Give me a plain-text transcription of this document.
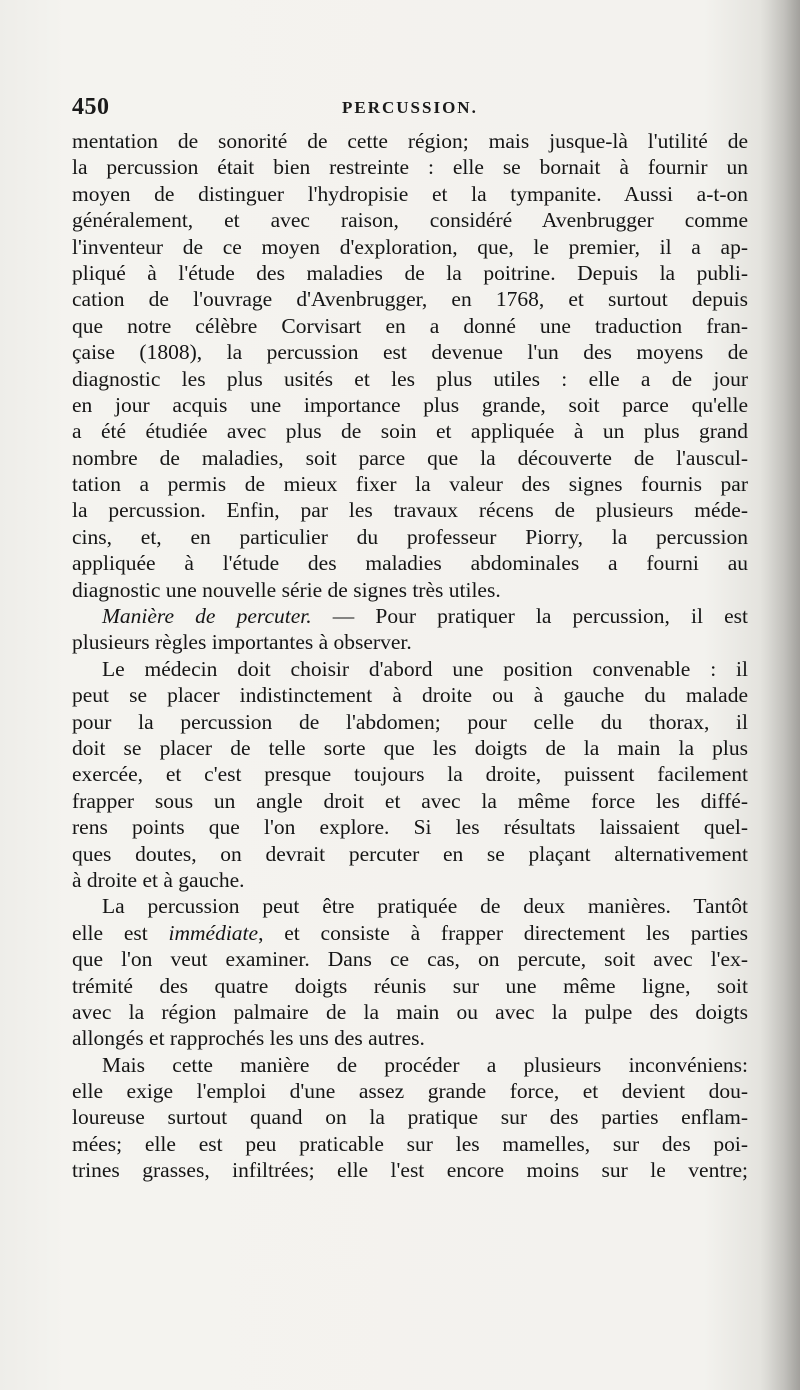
450	PERCUSSION.
mentation de sonorité de cette région; mais jusque-là l'utilité de
la percussion était bien restreinte : elle se bornait à fournir un
moyen de distinguer l'hydropisie et la tympanite. Aussi a-t-on
généralement, et avec raison, considéré Avenbrugger comme
l'inventeur de ce moyen d'exploration, que, le premier, il a ap-
pliqué à l'étude des maladies de la poitrine. Depuis la publi-
cation de l'ouvrage d'Avenbrugger, en 1768, et surtout depuis
que notre célèbre Corvisart en a donné une traduction fran-
çaise (1808), la percussion est devenue l'un des moyens de
diagnostic les plus usités et les plus utiles : elle a de jour
en jour acquis une importance plus grande, soit parce qu'elle
a été étudiée avec plus de soin et appliquée à un plus grand
nombre de maladies, soit parce que la découverte de l'auscul-
tation a permis de mieux fixer la valeur des signes fournis par
la percussion. Enfin, par les travaux récens de plusieurs méde-
cins, et, en particulier du professeur Piorry, la percussion
appliquée à l'étude des maladies abdominales a fourni au
diagnostic une nouvelle série de signes très utiles.
Manière de percuter. — Pour pratiquer la percussion, il est
plusieurs règles importantes à observer.
Le médecin doit choisir d'abord une position convenable : il
peut se placer indistinctement à droite ou à gauche du malade
pour la percussion de l'abdomen; pour celle du thorax, il
doit se placer de telle sorte que les doigts de la main la plus
exercée, et c'est presque toujours la droite, puissent facilement
frapper sous un angle droit et avec la même force les diffé-
rens points que l'on explore. Si les résultats laissaient quel-
ques doutes, on devrait percuter en se plaçant alternativement
à droite et à gauche.
La percussion peut être pratiquée de deux manières. Tantôt
elle est immédiate, et consiste à frapper directement les parties
que l'on veut examiner. Dans ce cas, on percute, soit avec l'ex-
trémité des quatre doigts réunis sur une même ligne, soit
avec la région palmaire de la main ou avec la pulpe des doigts
allongés et rapprochés les uns des autres.
Mais cette manière de procéder a plusieurs inconvéniens:
elle exige l'emploi d'une assez grande force, et devient dou-
loureuse surtout quand on la pratique sur des parties enflam-
mées; elle est peu praticable sur les mamelles, sur des poi-
trines grasses, infiltrées; elle l'est encore moins sur le ventre;
